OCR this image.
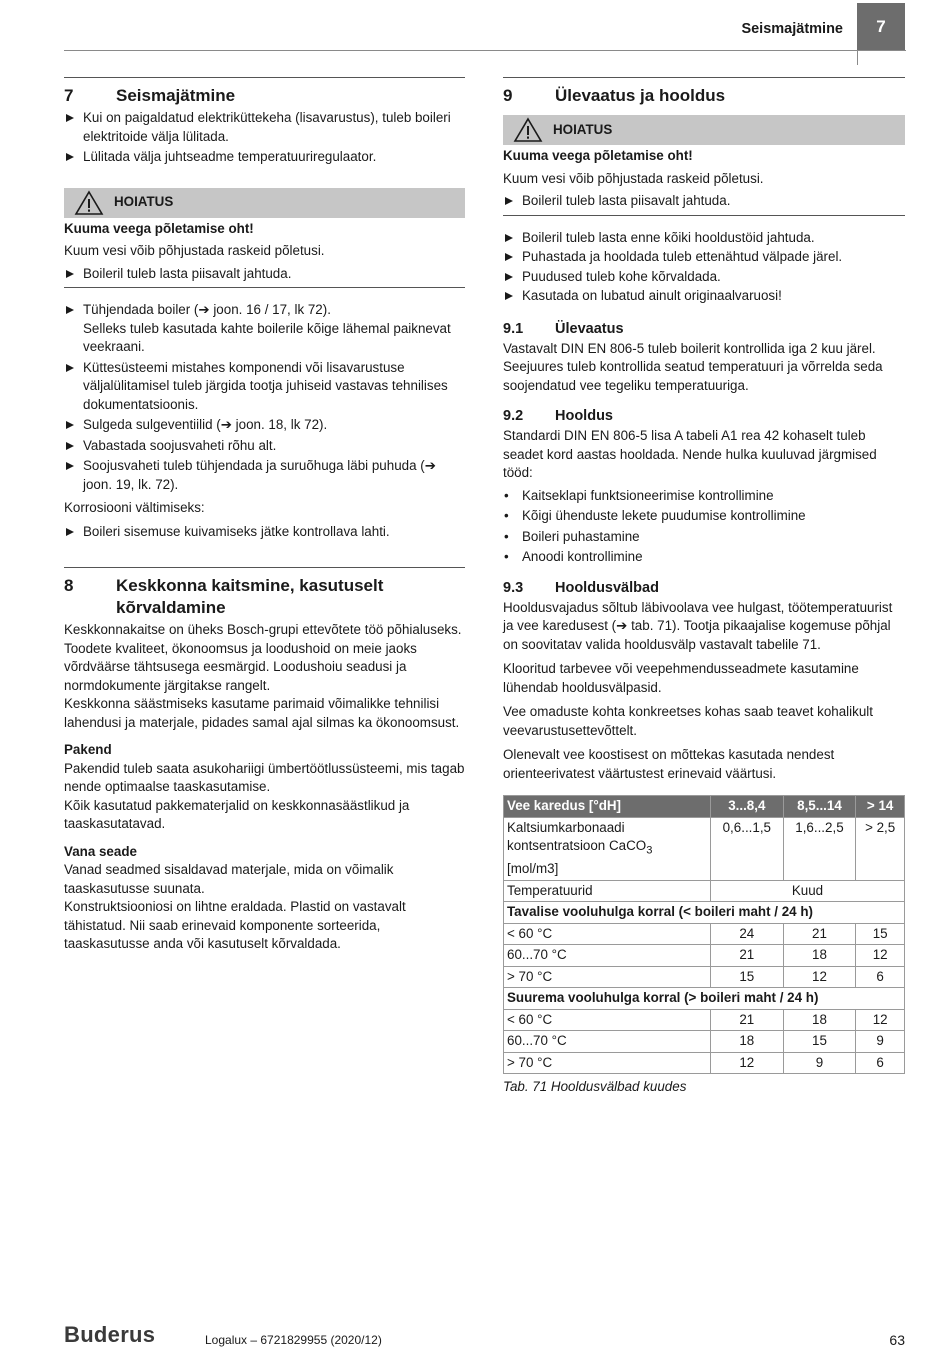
Seismajätmine	7
7	Seismajätmine
Kui on paigaldatud elektriküttekeha (lisavarustus), tuleb boileri elektritoide välja lülitada.
Lülitada välja juhtseadme temperatuuriregulaator.
HOIATUS
Kuuma veega põletamise oht!

Kuum vesi võib põhjustada raskeid põletusi.

Boileril tuleb lasta piisavalt jahtuda.
Tühjendada boiler (➔ joon. 16 / 17, lk 72).
Selleks tuleb kasutada kahte boilerile kõige lähemal paiknevat veekraani.
Küttesüsteemi mistahes komponendi või lisavarustuse väljalülitamisel tuleb järgida tootja juhiseid vastavas tehnilises dokumentatsioonis.
Sulgeda sulgeventiilid (➔ joon. 18, lk 72).
Vabastada soojusvaheti rõhu alt.
Soojusvaheti tuleb tühjendada ja suruõhuga läbi puhuda (➔ joon. 19, lk. 72).

Korrosiooni vältimiseks:

Boileri sisemuse kuivamiseks jätke kontrollava lahti.
8	Keskkonna kaitsmine, kasutuselt kõrvaldamine

Keskkonnakaitse on üheks Bosch-grupi ettevõtete töö põhialuseks. Toodete kvaliteet, ökonoomsus ja loodushoid on meie jaoks võrdväärse tähtsusega eesmärgid. Loodushoiu seadusi ja normdokumente järgitakse rangelt.

Keskkonna säästmiseks kasutame parimaid võimalikke tehnilisi lahendusi ja materjale, pidades samal ajal silmas ka ökonoomsust.

Pakend

Pakendid tuleb saata asukohariigi ümbertöötlussüsteemi, mis tagab nende optimaalse taaskasutamise.

Kõik kasutatud pakkematerjalid on keskkonnasäästlikud ja taaskasutatavad.

Vana seade

Vanad seadmed sisaldavad materjale, mida on võimalik taaskasutusse suunata.

Konstruktsiooniosi on lihtne eraldada. Plastid on vastavalt tähistatud. Nii saab erinevaid komponente sorteerida, taaskasutusse anda või kasutuselt kõrvaldada.

9	Ülevaatus ja hooldus
HOIATUS
Kuuma veega põletamise oht!

Kuum vesi võib põhjustada raskeid põletusi.

Boileril tuleb lasta piisavalt jahtuda.
Boileril tuleb lasta enne kõiki hooldustöid jahtuda.
Puhastada ja hooldada tuleb ettenähtud välpade järel.
Puudused tuleb kohe kõrvaldada.
Kasutada on lubatud ainult originaalvaruosi!
9.1	Ülevaatus

Vastavalt DIN EN 806-5 tuleb boilerit kontrollida iga 2 kuu järel. Seejuures tuleb kontrollida seatud temperatuuri ja võrrelda seda soojendatud vee tegeliku temperatuuriga.

9.2	Hooldus

Standardi DIN EN 806-5 lisa A tabeli A1 rea 42 kohaselt tuleb seadet kord aastas hooldada. Nende hulka kuuluvad järgmised tööd:

• Kaitseklapi funktsioneerimise kontrollimine
• Kõigi ühenduste lekete puudumise kontrollimine
• Boileri puhastamine
• Anoodi kontrollimine
9.3	Hooldusvälbad

Hooldusvajadus sõltub läbivoolava vee hulgast, töötemperatuurist ja vee karedusest (➔ tab. 71). Tootja pikaajalise kogemuse põhjal on soovitatav valida hooldusvälp vastavalt tabelile 71.

Klooritud tarbevee või veepehmendusseadmete kasutamine lühendab hooldusvälpasid.

Vee omaduste kohta konkreetses kohas saab teavet kohalikult veevarustusettevõttelt.

Olenevalt vee koostisest on mõttekas kasutada nendest orienteerivatest väärtustest erinevaid väärtusi.

Vee karedus [°dH]	3...8,4	8,5...14	> 14
Kaltsiumkarbonaadi kontsentratsioon CaCO$_3$ [mol/m3]	0,6...1,5	1,6...2,5	> 2,5
Temperatuurid	Kuud		
Tavalise vooluhulga korral (< boileri maht / 24 h)			
< 60 °C	24	21	15
60...70 °C	21	18	12
> 70 °C	15	12	6
Suurema vooluhulga korral (> boileri maht / 24 h)			
< 60 °C	21	18	12
60...70 °C	18	15	9
> 70 °C	12	9	6
Tab. 71 Hooldusvälbad kuudes
Buderus	Logalux – 6721829955 (2020/12)	63
